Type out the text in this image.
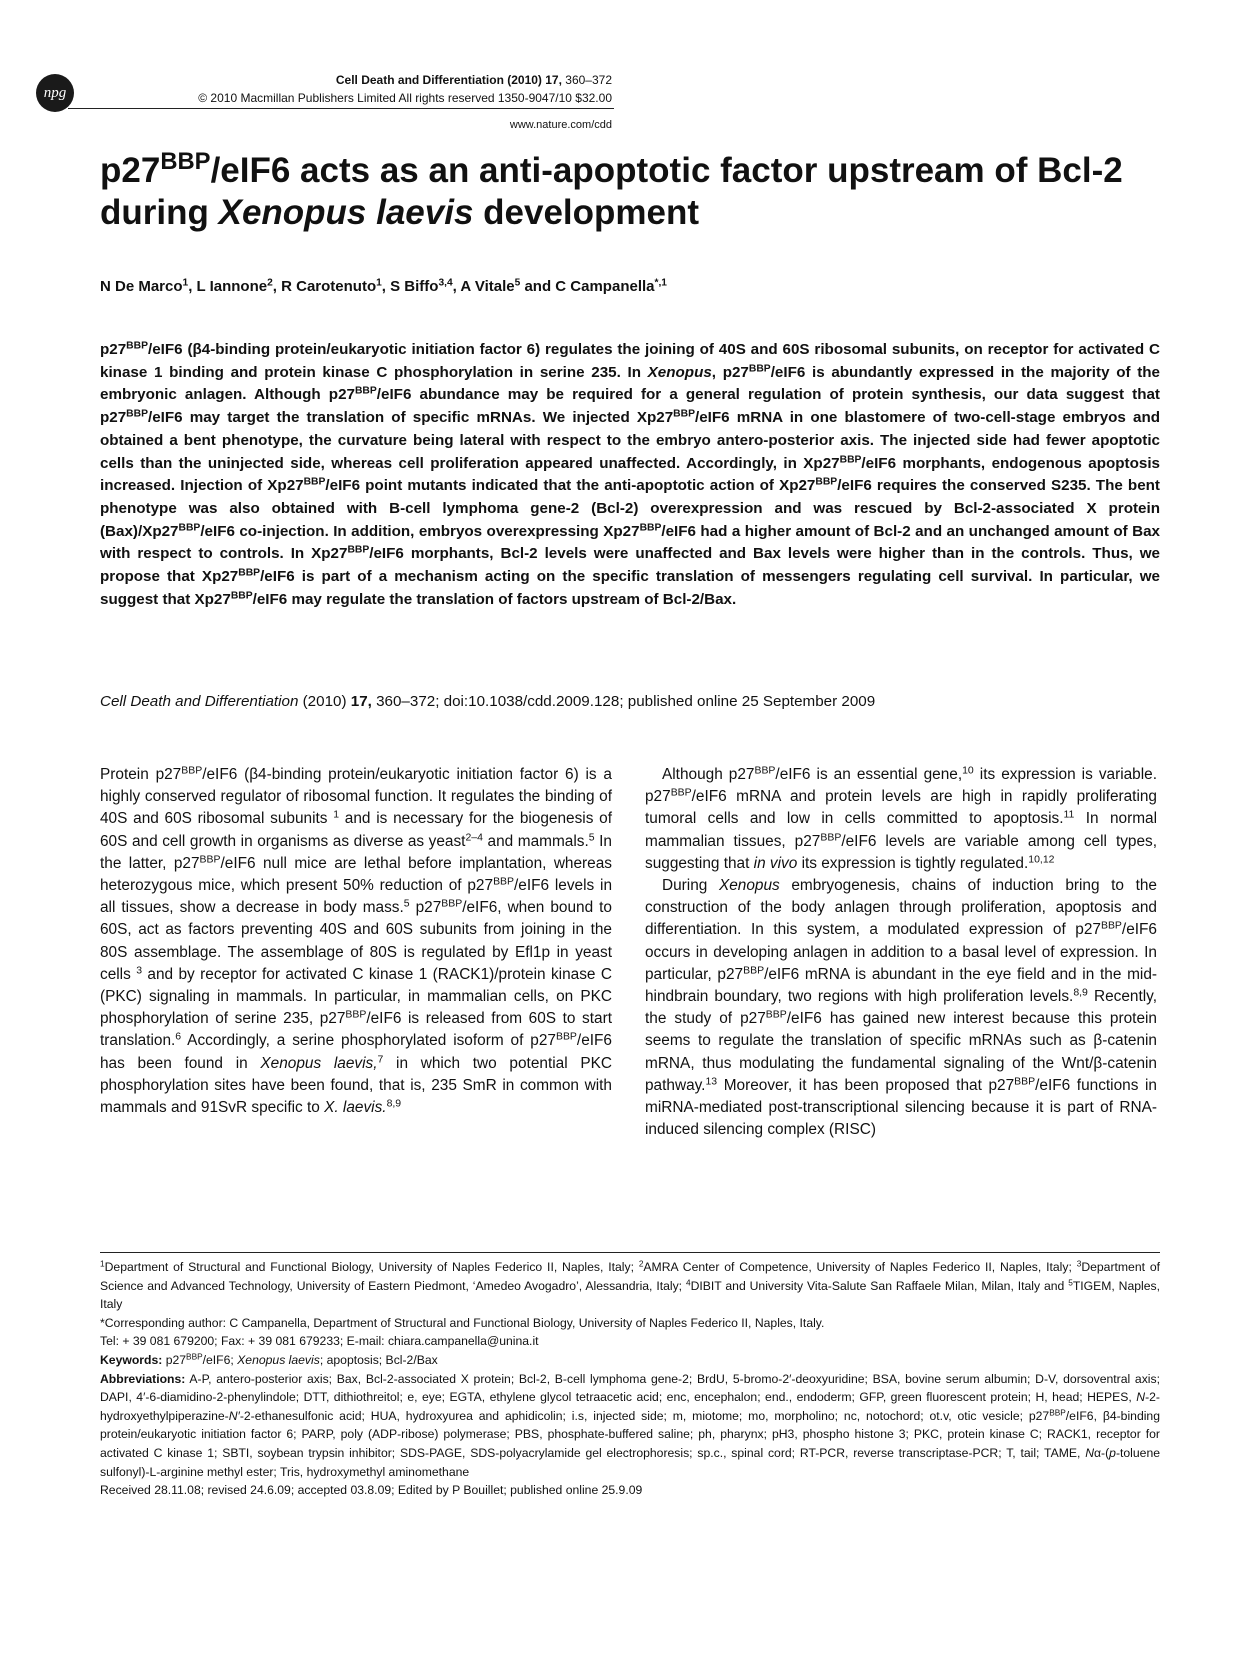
npg
Cell Death and Differentiation (2010) 17, 360–372
© 2010 Macmillan Publishers Limited All rights reserved 1350-9047/10 $32.00
www.nature.com/cdd
$p27^{BBP}/eIF6$ acts as an anti-apoptotic factor upstream of Bcl-2 during Xenopus laevis development
N De Marco$^1$, L Iannone$^2$, R Carotenuto$^1$, S Biffo$^{3,4}$, A Vitale$^5$ and C Campanella$^{*,1}$
$p27^{BBP}/eIF6$ (β4-binding protein/eukaryotic initiation factor 6) regulates the joining of 40S and 60S ribosomal subunits, on receptor for activated C kinase 1 binding and protein kinase C phosphorylation in serine 235. In Xenopus, $p27^{BBP}/eIF6$ is abundantly expressed in the majority of the embryonic anlagen. Although $p27^{BBP}/eIF6$ abundance may be required for a general regulation of protein synthesis, our data suggest that $p27^{BBP}/eIF6$ may target the translation of specific mRNAs. We injected $Xp27^{BBP}/eIF6$ mRNA in one blastomere of two-cell-stage embryos and obtained a bent phenotype, the curvature being lateral with respect to the embryo antero-posterior axis. The injected side had fewer apoptotic cells than the uninjected side, whereas cell proliferation appeared unaffected. Accordingly, in $Xp27^{BBP}/eIF6$ morphants, endogenous apoptosis increased. Injection of $Xp27^{BBP}/eIF6$ point mutants indicated that the anti-apoptotic action of $Xp27^{BBP}/eIF6$ requires the conserved S235. The bent phenotype was also obtained with B-cell lymphoma gene-2 (Bcl-2) overexpression and was rescued by Bcl-2-associated X protein $(Bax)/Xp27^{BBP}/eIF6$ co-injection. In addition, embryos overexpressing $Xp27^{BBP}/eIF6$ had a higher amount of Bcl-2 and an unchanged amount of Bax with respect to controls. In $Xp27^{BBP}/eIF6$ morphants, Bcl-2 levels were unaffected and Bax levels were higher than in the controls. Thus, we propose that $Xp27^{BBP}/eIF6$ is part of a mechanism acting on the specific translation of messengers regulating cell survival. In particular, we suggest that $Xp27^{BBP}/eIF6$ may regulate the translation of factors upstream of Bcl-2/Bax.
Cell Death and Differentiation (2010) 17, 360–372; doi:10.1038/cdd.2009.128; published online 25 September 2009

Protein $p27^{BBP}/eIF6$ (β4-binding protein/eukaryotic initiation factor 6) is a highly conserved regulator of ribosomal function. It regulates the binding of 40S and 60S ribosomal subunits $^1$ and is necessary for the biogenesis of 60S and cell growth in organisms as diverse as yeast$^{2-4}$ and mammals.$^5$ In the latter, $p27^{BBP}/eIF6$ null mice are lethal before implantation, whereas heterozygous mice, which present 50% reduction of $p27^{BBP}/eIF6$ levels in all tissues, show a decrease in body mass.$^5$ $p27^{BBP}/eIF6$, when bound to 60S, act as factors preventing 40S and 60S subunits from joining in the 80S assemblage. The assemblage of 80S is regulated by Efl1p in yeast cells $^3$ and by receptor for activated C kinase 1 (RACK1)/protein kinase C (PKC) signaling in mammals. In particular, in mammalian cells, on PKC phosphorylation of serine 235, $p27^{BBP}/eIF6$ is released from 60S to start translation.$^6$ Accordingly, a serine phosphorylated isoform of $p27^{BBP}/eIF6$ has been found in Xenopus laevis,$^7$ in which two potential PKC phosphorylation sites have been found, that is, 235 SmR in common with mammals and 91SvR specific to X. laevis.$^{8,9}$

Although $p27^{BBP}/eIF6$ is an essential gene,$^{10}$ its expression is variable. $p27^{BBP}/eIF6$ mRNA and protein levels are high in rapidly proliferating tumoral cells and low in cells committed to apoptosis.$^{11}$ In normal mammalian tissues, $p27^{BBP}/eIF6$ levels are variable among cell types, suggesting that in vivo its expression is tightly regulated.$^{10,12}$

During Xenopus embryogenesis, chains of induction bring to the construction of the body anlagen through proliferation, apoptosis and differentiation. In this system, a modulated expression of $p27^{BBP}/eIF6$ occurs in developing anlagen in addition to a basal level of expression. In particular, $p27^{BBP}/eIF6$ mRNA is abundant in the eye field and in the mid-hindbrain boundary, two regions with high proliferation levels.$^{8,9}$ Recently, the study of $p27^{BBP}/eIF6$ has gained new interest because this protein seems to regulate the translation of specific mRNAs such as β-catenin mRNA, thus modulating the fundamental signaling of the Wnt/β-catenin pathway.$^{13}$ Moreover, it has been proposed that $p27^{BBP}/eIF6$ functions in miRNA-mediated post-transcriptional silencing because it is part of RNA-induced silencing complex (RISC)

$^1$Department of Structural and Functional Biology, University of Naples Federico II, Naples, Italy; $^2$AMRA Center of Competence, University of Naples Federico II, Naples, Italy; $^3$Department of Science and Advanced Technology, University of Eastern Piedmont, ‘Amedeo Avogadro’, Alessandria, Italy; $^4$DIBIT and University Vita-Salute San Raffaele Milan, Milan, Italy and $^5$TIGEM, Naples, Italy

*Corresponding author: C Campanella, Department of Structural and Functional Biology, University of Naples Federico II, Naples, Italy.

Tel: + 39 081 679200; Fax: + 39 081 679233; E-mail: chiara.campanella@unina.it

Keywords: $p27^{BBP}/eIF6$; Xenopus laevis; apoptosis; Bcl-2/Bax

Abbreviations: A-P, antero-posterior axis; Bax, Bcl-2-associated X protein; Bcl-2, B-cell lymphoma gene-2; BrdU, 5-bromo-2′-deoxyuridine; BSA, bovine serum albumin; D-V, dorsoventral axis; DAPI, 4′-6-diamidino-2-phenylindole; DTT, dithiothreitol; e, eye; EGTA, ethylene glycol tetraacetic acid; enc, encephalon; end., endoderm; GFP, green fluorescent protein; H, head; HEPES, N-2-hydroxyethylpiperazine-N′-2-ethanesulfonic acid; HUA, hydroxyurea and aphidicolin; i.s, injected side; m, miotome; mo, morpholino; nc, notochord; ot.v, otic vesicle; $p27^{BBP}/eIF6$, β4-binding protein/eukaryotic initiation factor 6; PARP, poly (ADP-ribose) polymerase; PBS, phosphate-buffered saline; ph, pharynx; pH3, phospho histone 3; PKC, protein kinase C; RACK1, receptor for activated C kinase 1; SBTI, soybean trypsin inhibitor; SDS-PAGE, SDS-polyacrylamide gel electrophoresis; sp.c., spinal cord; RT-PCR, reverse transcriptase-PCR; T, tail; TAME, Nα-(p-toluene sulfonyl)-L-arginine methyl ester; Tris, hydroxymethyl aminomethane

Received 28.11.08; revised 24.6.09; accepted 03.8.09; Edited by P Bouillet; published online 25.9.09
